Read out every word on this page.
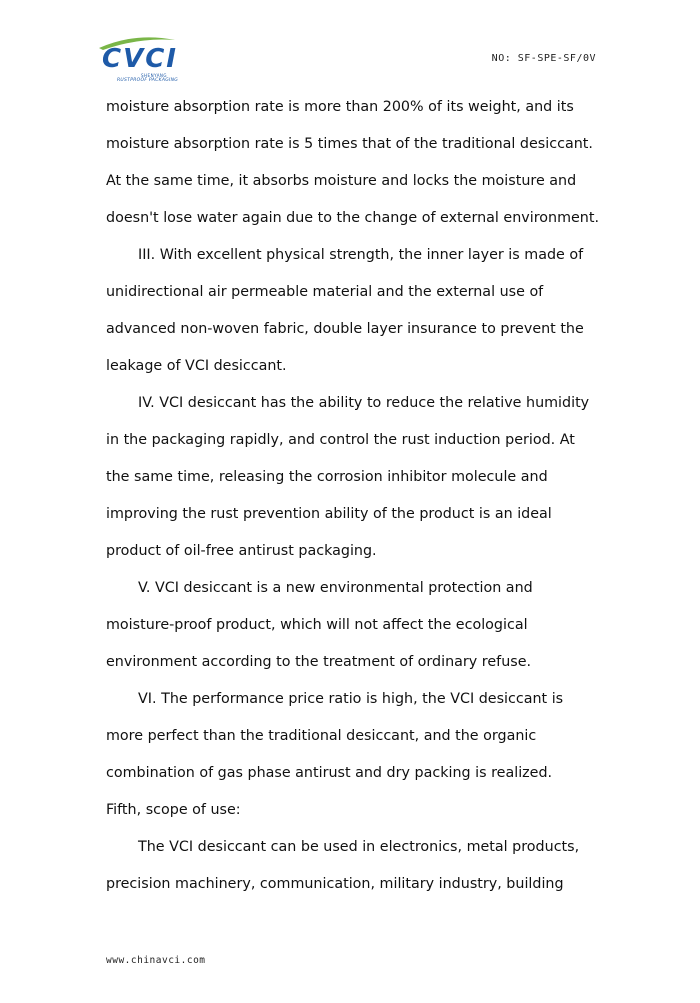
CVCI
SHENYANG
RUSTPROOF PACKAGING
NO: SF-SPE-SF/0V
moisture absorption rate is more than 200% of its weight, and its
moisture absorption rate is 5 times that of the traditional desiccant.
At the same time, it absorbs moisture and locks the moisture and
doesn't lose water again due to the change of external environment.
III. With excellent physical strength, the inner layer is made of
unidirectional air permeable material and the external use of
advanced non-woven fabric, double layer insurance to prevent the
leakage of VCI desiccant.
IV. VCI desiccant has the ability to reduce the relative humidity
in the packaging rapidly, and control the rust induction period. At
the same time, releasing the corrosion inhibitor molecule and
improving the rust prevention ability of the product is an ideal
product of oil-free antirust packaging.
V. VCI desiccant is a new environmental protection and
moisture-proof product, which will not affect the ecological
environment according to the treatment of ordinary refuse.
VI. The performance price ratio is high, the VCI desiccant is
more perfect than the traditional desiccant, and the organic
combination of gas phase antirust and dry packing is realized.
Fifth, scope of use:
The VCI desiccant can be used in electronics, metal products,
precision machinery, communication, military industry, building
www.chinavci.com
